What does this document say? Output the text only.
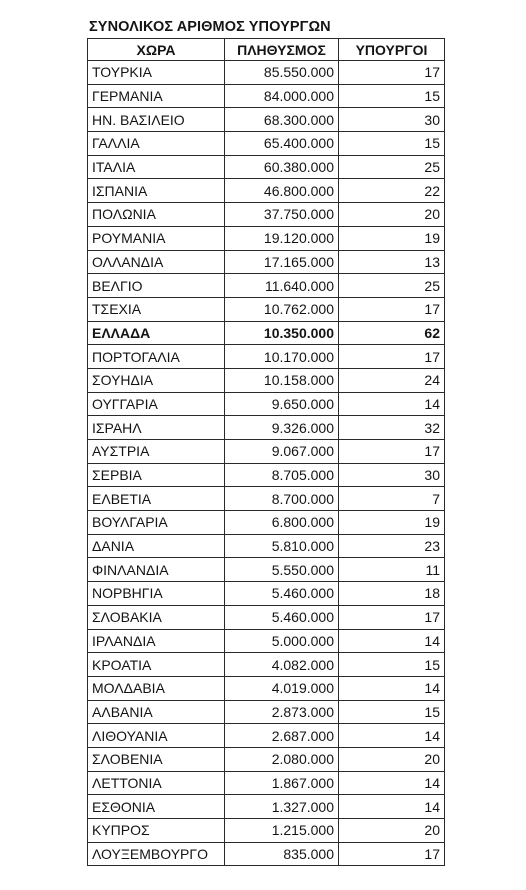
ΣΥΝΟΛΙΚΟΣ ΑΡΙΘΜΟΣ ΥΠΟΥΡΓΩΝ
ΧΩΡΑ	ΠΛΗΘΥΣΜΟΣ	ΥΠΟΥΡΓΟΙ
ΤΟΥΡΚΙΑ	85.550.000	17
ΓΕΡΜΑΝΙΑ	84.000.000	15
ΗΝ. ΒΑΣΙΛΕΙΟ	68.300.000	30
ΓΑΛΛΙΑ	65.400.000	15
ΙΤΑΛΙΑ	60.380.000	25
ΙΣΠΑΝΙΑ	46.800.000	22
ΠΟΛΩΝΙΑ	37.750.000	20
ΡΟΥΜΑΝΙΑ	19.120.000	19
ΟΛΛΑΝΔΙΑ	17.165.000	13
ΒΕΛΓΙΟ	11.640.000	25
ΤΣΕΧΙΑ	10.762.000	17
ΕΛΛΑΔΑ	10.350.000	62
ΠΟΡΤΟΓΑΛΙΑ	10.170.000	17
ΣΟΥΗΔΙΑ	10.158.000	24
ΟΥΓΓΑΡΙΑ	9.650.000	14
ΙΣΡΑΗΛ	9.326.000	32
ΑΥΣΤΡΙΑ	9.067.000	17
ΣΕΡΒΙΑ	8.705.000	30
ΕΛΒΕΤΙΑ	8.700.000	7
ΒΟΥΛΓΑΡΙΑ	6.800.000	19
ΔΑΝΙΑ	5.810.000	23
ΦΙΝΛΑΝΔΙΑ	5.550.000	11
ΝΟΡΒΗΓΙΑ	5.460.000	18
ΣΛΟΒΑΚΙΑ	5.460.000	17
ΙΡΛΑΝΔΙΑ	5.000.000	14
ΚΡΟΑΤΙΑ	4.082.000	15
ΜΟΛΔΑΒΙΑ	4.019.000	14
ΑΛΒΑΝΙΑ	2.873.000	15
ΛΙΘΟΥΑΝΙΑ	2.687.000	14
ΣΛΟΒΕΝΙΑ	2.080.000	20
ΛΕΤΤΟΝΙΑ	1.867.000	14
ΕΣΘΟΝΙΑ	1.327.000	14
ΚΥΠΡΟΣ	1.215.000	20
ΛΟΥΞΕΜΒΟΥΡΓΟ	835.000	17
